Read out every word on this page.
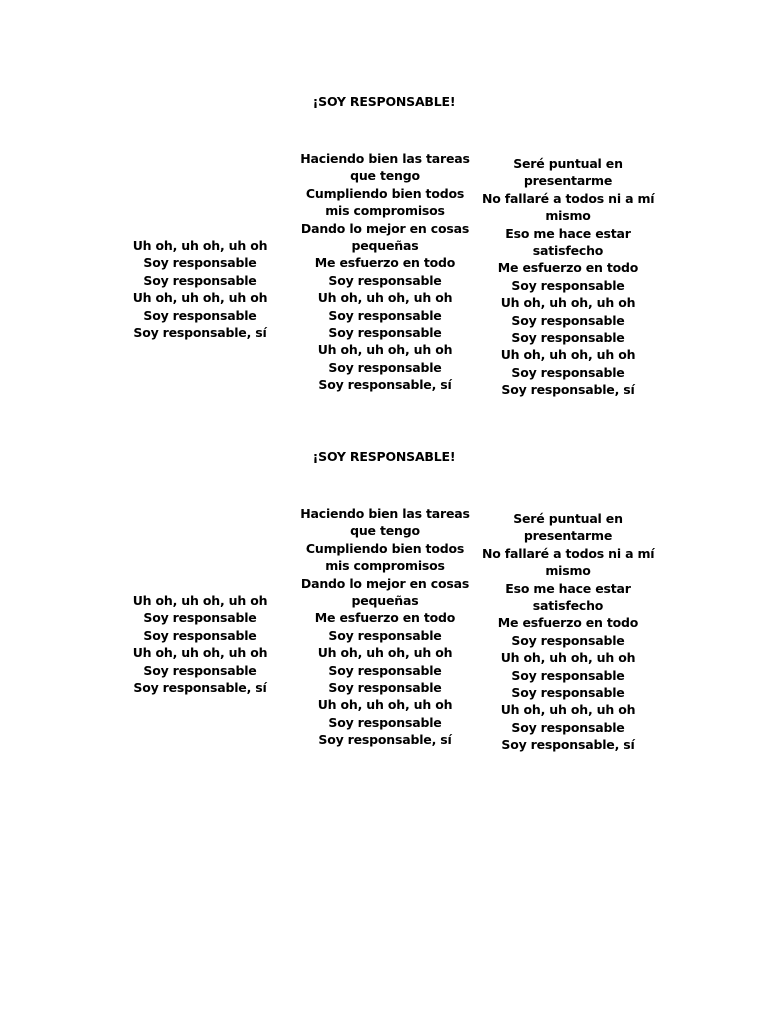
¡SOY RESPONSABLE!
Uh oh, uh oh, uh oh
Soy responsable
Soy responsable
Uh oh, uh oh, uh oh
Soy responsable
Soy responsable, sí
Haciendo bien las tareas
que tengo
Cumpliendo bien todos
mis compromisos
Dando lo mejor en cosas
pequeñas
Me esfuerzo en todo
Soy responsable
Uh oh, uh oh, uh oh
Soy responsable
Soy responsable
Uh oh, uh oh, uh oh
Soy responsable
Soy responsable, sí
Seré puntual en
presentarme
No fallaré a todos ni a mí
mismo
Eso me hace estar
satisfecho
Me esfuerzo en todo
Soy responsable
Uh oh, uh oh, uh oh
Soy responsable
Soy responsable
Uh oh, uh oh, uh oh
Soy responsable
Soy responsable, sí
¡SOY RESPONSABLE!
Uh oh, uh oh, uh oh
Soy responsable
Soy responsable
Uh oh, uh oh, uh oh
Soy responsable
Soy responsable, sí
Haciendo bien las tareas
que tengo
Cumpliendo bien todos
mis compromisos
Dando lo mejor en cosas
pequeñas
Me esfuerzo en todo
Soy responsable
Uh oh, uh oh, uh oh
Soy responsable
Soy responsable
Uh oh, uh oh, uh oh
Soy responsable
Soy responsable, sí
Seré puntual en
presentarme
No fallaré a todos ni a mí
mismo
Eso me hace estar
satisfecho
Me esfuerzo en todo
Soy responsable
Uh oh, uh oh, uh oh
Soy responsable
Soy responsable
Uh oh, uh oh, uh oh
Soy responsable
Soy responsable, sí
